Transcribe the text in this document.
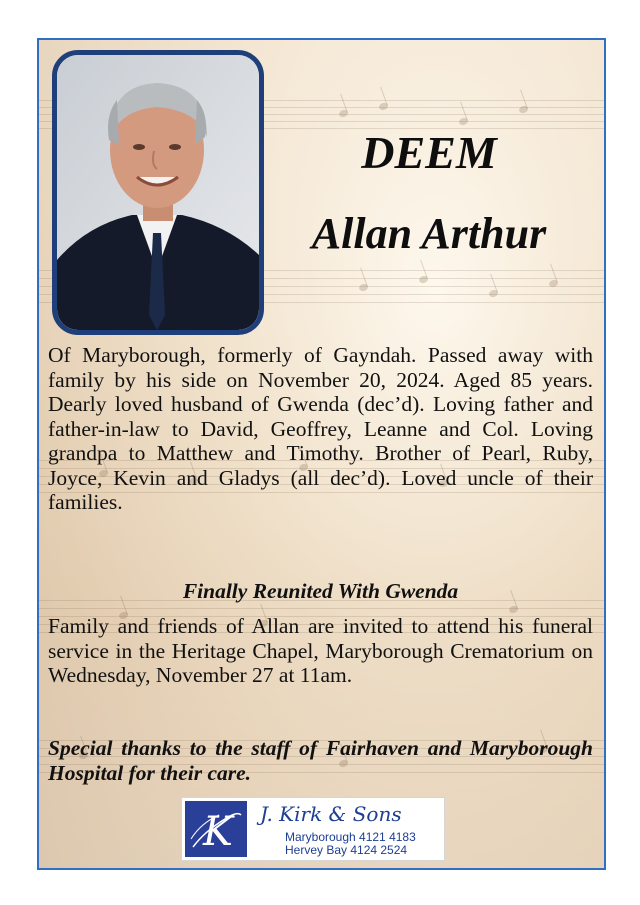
DEEM
Allan Arthur

Of Maryborough, formerly of Gayndah. Passed away with family by his side on November 20, 2024. Aged 85 years. Dearly loved husband of Gwenda (dec’d). Loving father and father-in-law to David, Geoffrey, Leanne and Col. Loving grandpa to Matthew and Timothy. Brother of Pearl, Ruby, Joyce, Kevin and Gladys (all dec’d). Loved uncle of their families.

Finally Reunited With Gwenda

Family and friends of Allan are invited to attend his funeral service in the Heritage Chapel, Maryborough Crematorium on Wednesday, November 27 at 11am.

Special thanks to the staff of Fairhaven and Maryborough Hospital for their care.

K J. Kirk & Sons

Maryborough 4121 4183

Hervey Bay 4124 2524
